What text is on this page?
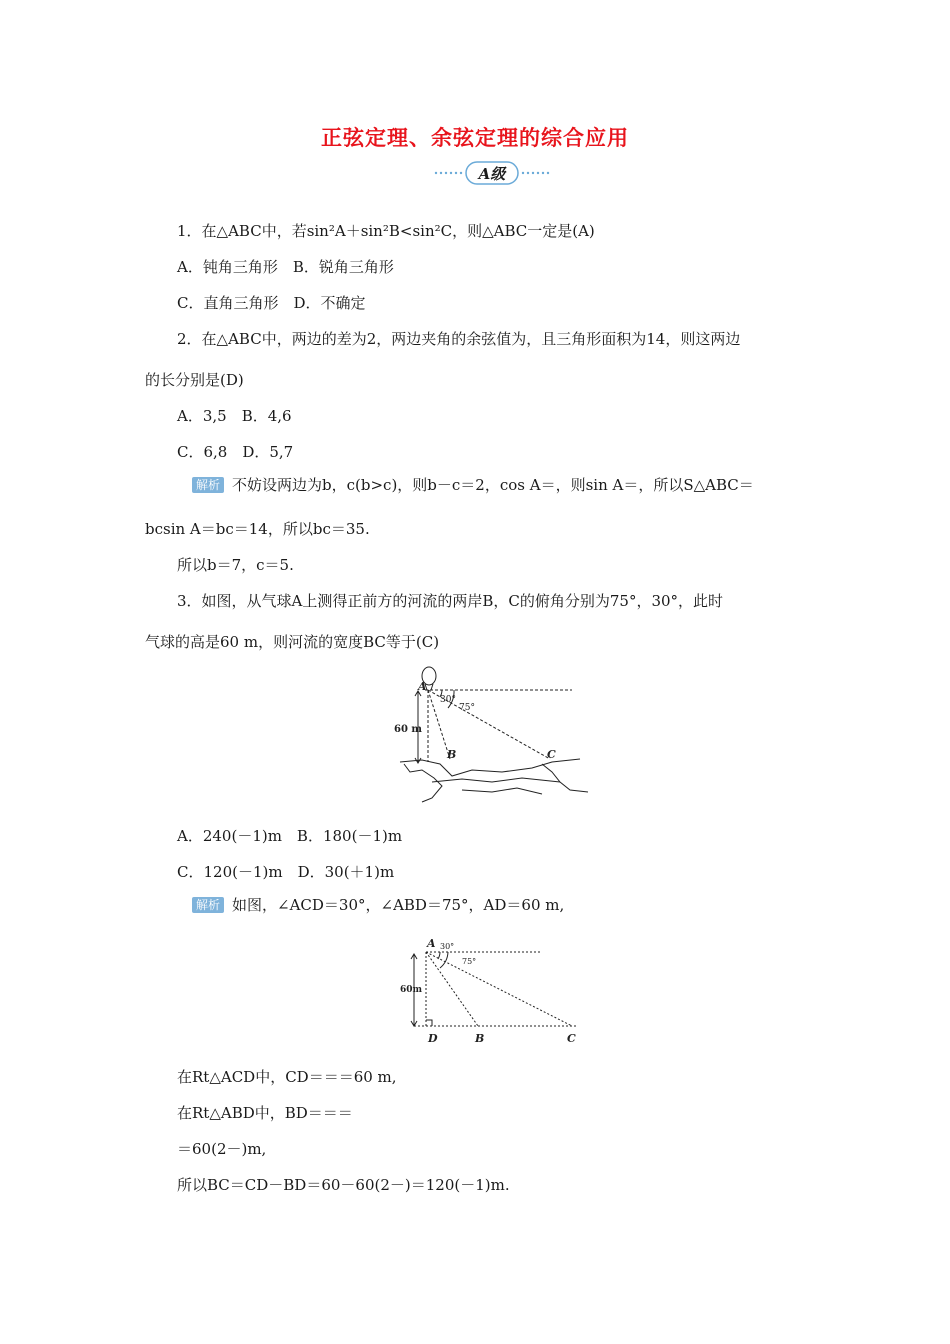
正弦定理、余弦定理的综合应用
A级
1．在△ABC中，若sin²A＋sin²B<sin²C，则△ABC一定是(A)
A．钝角三角形　B．锐角三角形
C．直角三角形　D．不确定
2．在△ABC中，两边的差为2，两边夹角的余弦值为，且三角形面积为14，则这两边
的长分别是(D)
A．3,5　B．4,6
C．6,8　D．5,7
解析 不妨设两边为b，c(b>c)，则b－c＝2，cos A＝，则sin A＝，所以S△ABC＝
bcsin A＝bc＝14，所以bc＝35.
所以b＝7，c＝5.
3．如图，从气球A上测得正前方的河流的两岸B，C的俯角分别为75°，30°，此时
气球的高是60 m，则河流的宽度BC等于(C)
A
30°
75°
60 m
B	C
A．240(－1)m　B．180(－1)m
C．120(－1)m　D．30(＋1)m
解析 如图，∠ACD＝30°，∠ABD＝75°，AD＝60 m,
A 30°
75°
60m
D	B	C
在Rt△ACD中，CD＝＝＝60 m,
在Rt△ABD中，BD＝＝＝
＝60(2－)m,
所以BC＝CD－BD＝60－60(2－)＝120(－1)m.
